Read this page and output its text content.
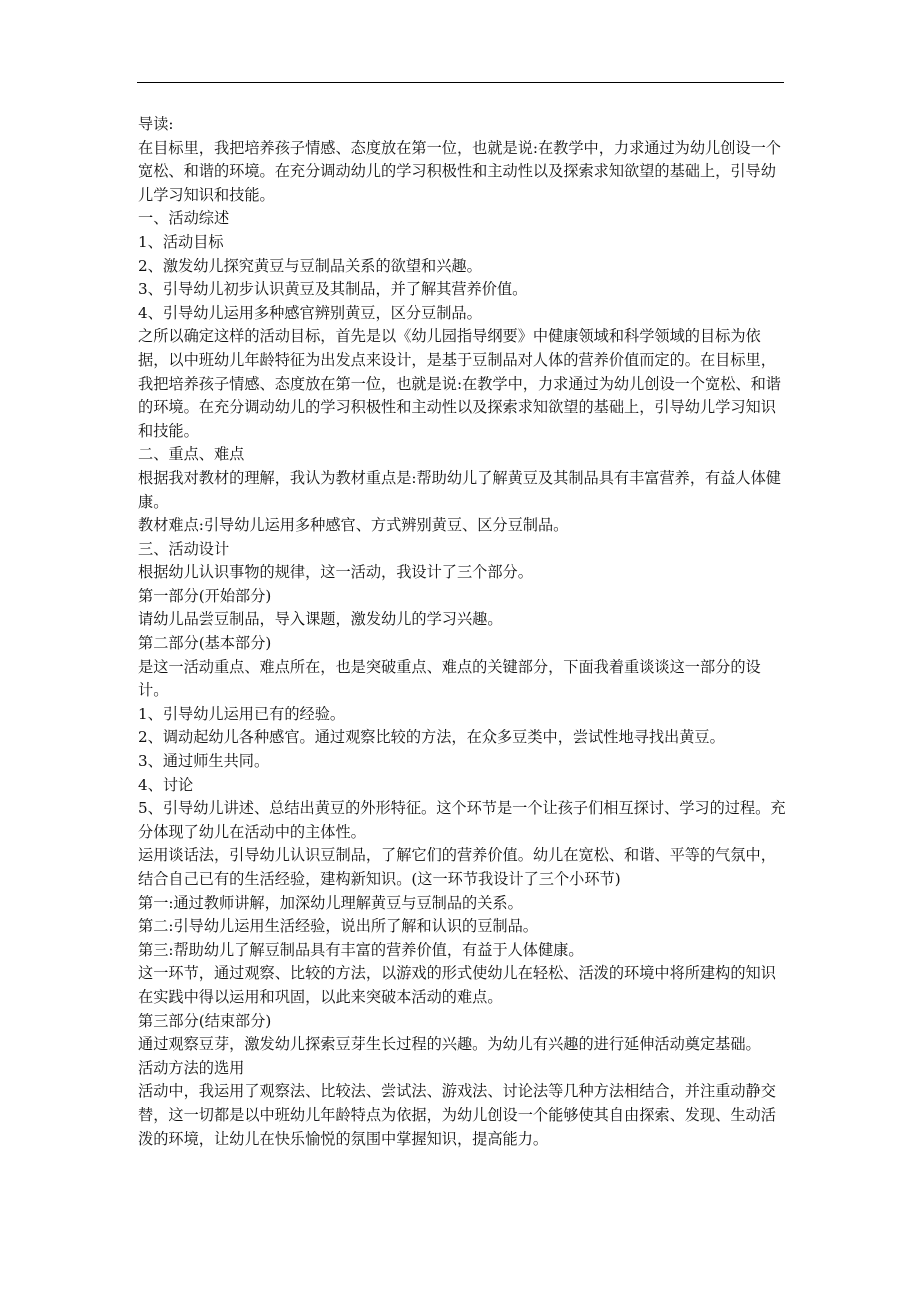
导读:

在目标里，我把培养孩子情感、态度放在第一位，也就是说:在教学中，力求通过为幼儿创设一个宽松、和谐的环境。在充分调动幼儿的学习积极性和主动性以及探索求知欲望的基础上，引导幼儿学习知识和技能。

一、活动综述

1、活动目标

2、激发幼儿探究黄豆与豆制品关系的欲望和兴趣。

3、引导幼儿初步认识黄豆及其制品，并了解其营养价值。

4、引导幼儿运用多种感官辨别黄豆，区分豆制品。

之所以确定这样的活动目标，首先是以《幼儿园指导纲要》中健康领域和科学领域的目标为依据，以中班幼儿年龄特征为出发点来设计，是基于豆制品对人体的营养价值而定的。在目标里，我把培养孩子情感、态度放在第一位，也就是说:在教学中，力求通过为幼儿创设一个宽松、和谐的环境。在充分调动幼儿的学习积极性和主动性以及探索求知欲望的基础上，引导幼儿学习知识和技能。

二、重点、难点

根据我对教材的理解，我认为教材重点是:帮助幼儿了解黄豆及其制品具有丰富营养，有益人体健康。

教材难点:引导幼儿运用多种感官、方式辨别黄豆、区分豆制品。

三、活动设计

根据幼儿认识事物的规律，这一活动，我设计了三个部分。

第一部分(开始部分)

请幼儿品尝豆制品，导入课题，激发幼儿的学习兴趣。

第二部分(基本部分)

是这一活动重点、难点所在，也是突破重点、难点的关键部分，下面我着重谈谈这一部分的设计。

1、引导幼儿运用已有的经验。

2、调动起幼儿各种感官。通过观察比较的方法，在众多豆类中，尝试性地寻找出黄豆。

3、通过师生共同。

4、讨论

5、引导幼儿讲述、总结出黄豆的外形特征。这个环节是一个让孩子们相互探讨、学习的过程。充分体现了幼儿在活动中的主体性。

运用谈话法，引导幼儿认识豆制品，了解它们的营养价值。幼儿在宽松、和谐、平等的气氛中，结合自己已有的生活经验，建构新知识。(这一环节我设计了三个小环节)

第一:通过教师讲解，加深幼儿理解黄豆与豆制品的关系。

第二:引导幼儿运用生活经验，说出所了解和认识的豆制品。

第三:帮助幼儿了解豆制品具有丰富的营养价值，有益于人体健康。

这一环节，通过观察、比较的方法，以游戏的形式使幼儿在轻松、活泼的环境中将所建构的知识在实践中得以运用和巩固，以此来突破本活动的难点。

第三部分(结束部分)

通过观察豆芽，激发幼儿探索豆芽生长过程的兴趣。为幼儿有兴趣的进行延伸活动奠定基础。

活动方法的选用

活动中，我运用了观察法、比较法、尝试法、游戏法、讨论法等几种方法相结合，并注重动静交替，这一切都是以中班幼儿年龄特点为依据，为幼儿创设一个能够使其自由探索、发现、生动活泼的环境，让幼儿在快乐愉悦的氛围中掌握知识，提高能力。
